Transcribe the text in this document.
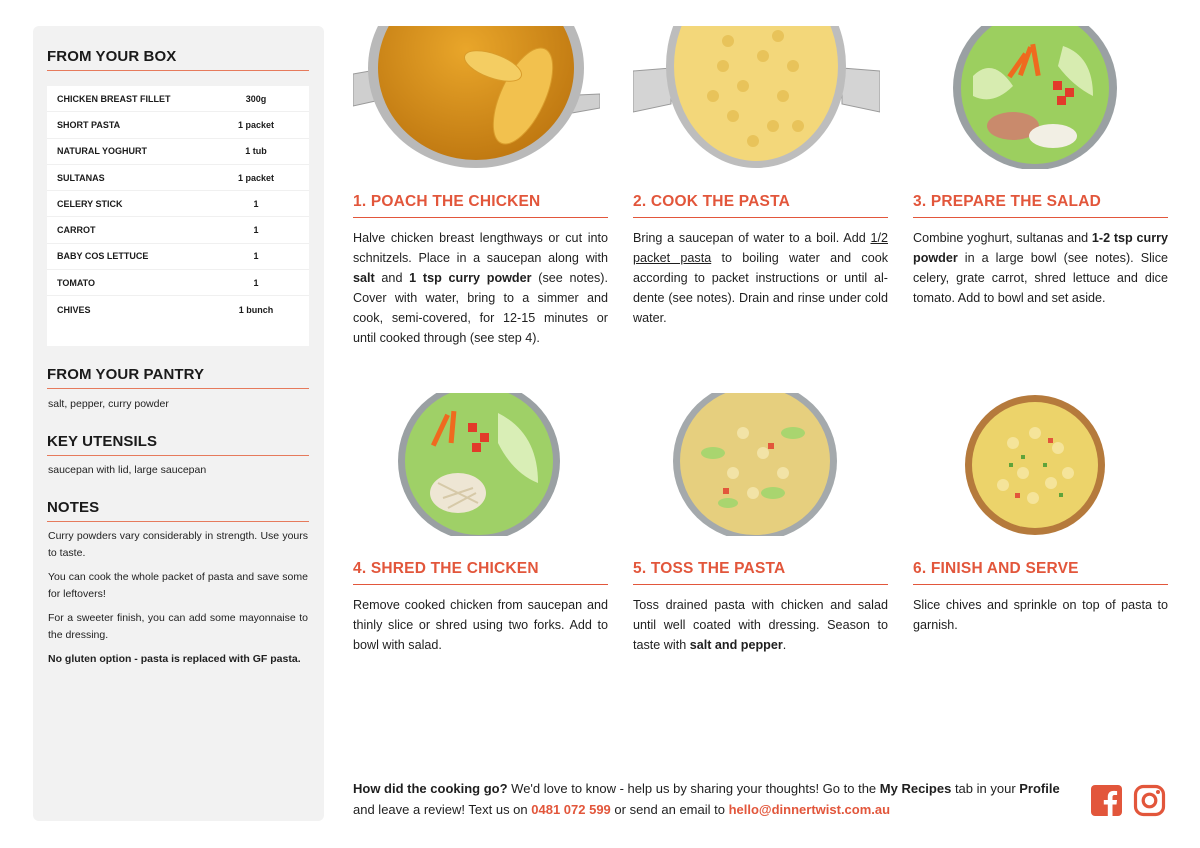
FROM YOUR BOX
CHICKEN BREAST FILLET	300g
SHORT PASTA	1 packet
NATURAL YOGHURT	1 tub
SULTANAS	1 packet
CELERY STICK	1
CARROT	1
BABY COS LETTUCE	1
TOMATO	1
CHIVES	1 bunch
FROM YOUR PANTRY
salt, pepper, curry powder
KEY UTENSILS
saucepan with lid, large saucepan
NOTES

Curry powders vary considerably in strength. Use yours to taste.

You can cook the whole packet of pasta and save some for leftovers!

For a sweeter finish, you can add some mayonnaise to the dressing.

No gluten option - pasta is replaced with GF pasta.

1. POACH THE CHICKEN
Halve chicken breast lengthways or cut into schnitzels. Place in a saucepan along with salt and 1 tsp curry powder (see notes). Cover with water, bring to a simmer and cook, semi-covered, for 12-15 minutes or until cooked through (see step 4).
2. COOK THE PASTA
Bring a saucepan of water to a boil. Add 1/2 packet pasta to boiling water and cook according to packet instructions or until al-dente (see notes). Drain and rinse under cold water.
3. PREPARE THE SALAD
Combine yoghurt, sultanas and 1-2 tsp curry powder in a large bowl (see notes). Slice celery, grate carrot, shred lettuce and dice tomato. Add to bowl and set aside.
4. SHRED THE CHICKEN
Remove cooked chicken from saucepan and thinly slice or shred using two forks. Add to bowl with salad.
5. TOSS THE PASTA
Toss drained pasta with chicken and salad until well coated with dressing. Season to taste with salt and pepper.
6. FINISH AND SERVE
Slice chives and sprinkle on top of pasta to garnish.
How did the cooking go? We'd love to know - help us by sharing your thoughts! Go to the My Recipes tab in your Profile and leave a review! Text us on 0481 072 599 or send an email to hello@dinnertwist.com.au
